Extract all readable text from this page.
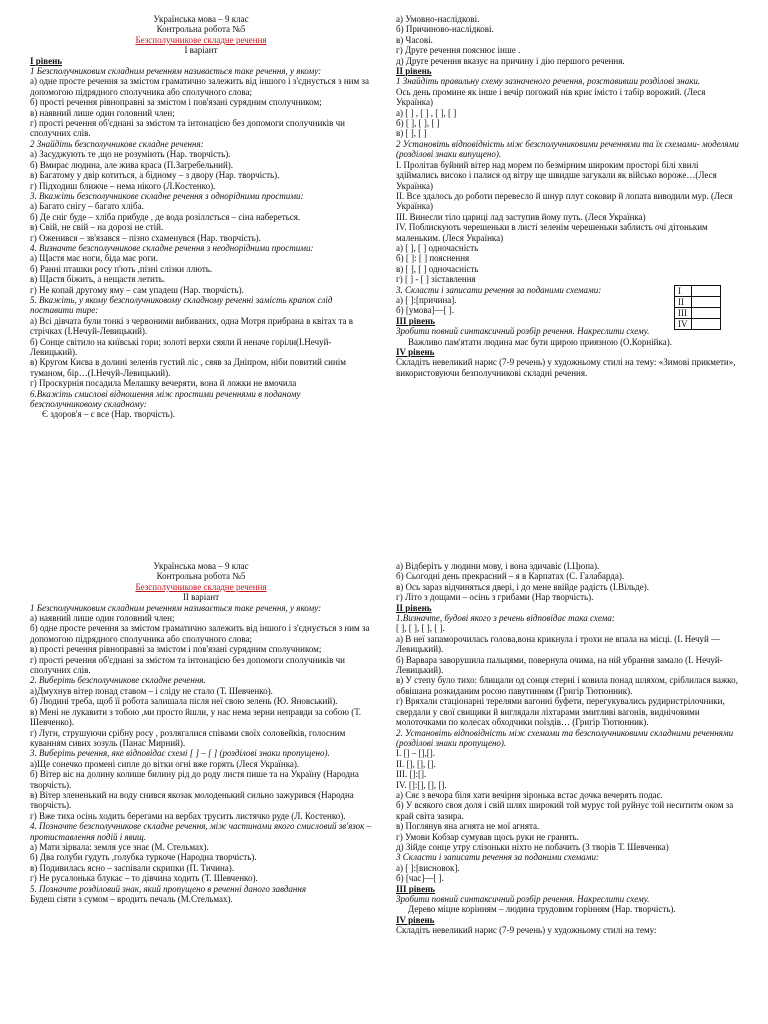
Українська мова – 9 клас
Контрольна робота №5
Безсполучникове складне речення
I варіант

I рівень

1 Безсполучниковим складним реченням називається таке речення, у якому:

а) одне просте речення за змістом граматично залежить від іншого і з'єднується з ним за допомогою підрядного сполучника або сполучного слова;

б) прості речення рівноправні за змістом і пов'язані сурядним сполучником;

в) наявний лише один головний член;

г) прості речення об'єднані за змістом та інтонацією без допомоги сполучників чи сполучних слів.

2 Знайдіть безсполучникове складне речення:

а) Засуджують те ,що не розуміють (Нар. творчість).

б) Вмирає людина, але жива краса (П.Загребельний).

в) Багатому у двір котиться, а бідному – з двору (Нар. творчість).

г) Підходиш ближче – нема нікого (Л.Костенко).

3. Вкажіть безсполучникове складне речення з однорідними простими:

а) Багато снігу – багато хліба.

б) Де сніг буде – хліба прибуде , де вода розіллється – сіна набереться.

в) Свій, не свій – на дорозі не стій.

г) Оженився – зв'язався – пізно схаменувся (Нар. творчість).

4. Визначте безсполучникове складне речення з неоднорідними простими:

а) Щастя має ноги, біда має роги.

б) Ранні пташки росу п'ють ,пізні слізки ллють.

в) Щастя біжить, а нещастя летить.

г) Не копай другому яму – сам упадеш (Нар. творчість).

5. Вкажіть, у якому безсполучниковому складному реченні замість крапок слід поставити тире:

а) Всі дівчата були тонкі з червоними вибиваних, одна Мотря прибрана в квітах та в стрічках (І.Нечуй-Левицький).

б) Сонце світило на київські гори; золоті верхи сяяли й неначе горіли(І.Нечуй-Левицький).

в) Кругом Києва в долині зеленів густий ліс , сяяв за Дніпром, ніби повитий синім туманом, бір…(І.Нечуй-Левицький).

г) Проскурнія посадила Мелашку вечеряти, вона й ложки не вмочила

6.Вкажіть смислові відношення між простими реченнями в поданому безсполучниковому складному:

Є здоров'я – є все (Нар. творчість).

а) Умовно-наслідкові.

б) Причиново-наслідкові.

в) Часові.

г) Друге речення пояснює інше .

д) Друге речення вказує на причину і дію першого речення.

II рівень

1 Знайдіть правильну схему зазначеного речення, розставивши розділові знаки.

Ось день промине як інше і вечір погожий нів криє імісто і табір ворожий. (Леся Українка)

а) [ ] , [ ] , [ ], [ ]

б) [ ], [ ], [ ]

в) [ ], [ ]

2 Установіть відповідність між безсполучниковими реченнями та їх схемами- моделями (розділові знаки випущено).

І. Пролітав буйний вітер над морем по безмірним широким просторі білі хвилі здіймались високо і палися од вітру ще швидше загукали як військо вороже…(Леся Українка)

ІІ. Все здалось до роботи перевесло й шнур плут соковир й лопата виводили мур. (Леся Українка)

ІІІ. Винесли тіло цариці лад заступив йому путь. (Леся Українка)

IV. Поблискують черешеньки в листі зеленім черешеньки заблисть очі дітоньким маленьким. (Леся Українка)

а) [ ], [ ] одночасність

б) [ ]: [ ] пояснення

в) [ ], [ ] одночасність

г) [ ] - [ ] зіставлення

3. Скласти і записати речення за поданими схемами:

а) [ ]:[причина].

б) [умова]—[ ].

III рівень

Зробити повний синтаксичний розбір речення. Накреслити схему.

Важливо пам'ятати людина має бути щирою приязною (О.Корнійка).

IV рівень

Складіть невеликий нарис (7-9 речень) у художньому стилі на тему: «Зимові прикмети», використовуючи безполучникові складні речення.

І	
ІІ	
ІІІ	
IV	
Українська мова – 9 клас
Контрольна робота №5
Безсполучникове складне речення
II варіант

1 Безсполучниковим складним реченням називається таке речення, у якому:

а) наявний лише один головний член;

б) одне просте речення за змістом граматично залежить від іншого і з'єднується з ним за допомогою підрядного сполучника або сполучного слова;

в) прості речення рівноправні за змістом і пов'язані сурядним сполучником;

г) прості речення об'єднані за змістом та інтонацією без допомоги сполучників чи сполучних слів.

2. Виберіть безсполучникове складне речення.

а)Дмухнув вітер понад ставом – і сліду не стало (Т. Шевченко).

б) Людині треба, щоб її робота залишала після неї свою зелень (Ю. Яновський).

в) Мені не лукавити з тобою ,ми просто йшли, у нас нема зерни неправди за собою (Т. Шевченко).

г) Лугн, струшуючи срібну росу , розлягалися співами своїх соловейків, голосним куванням сивих зозуль (Панас Мирний).

3. Виберіть речення, яке відповідає схемі [ ] – [ ] (розділові знаки пропущено).

а)Ще сонечко промені сипле до вітки огні вже горять (Леся Українка).

б) Вітер віє на долину колише билину рід до роду листя пише та на Україну (Народна творчість).

в) Вітер злененький на воду снився якозак молоденький сильно зажурився (Народна творчість).

г) Вже тиха осінь ходить берегами на вербах трусить листячко руде (Л. Костенко).

4. Позначте безсполучникове складне речення, між частинами якого смисловий зв'язок – протиставлення подій і явищ.

а) Мати зірвала: земля усе знає (М. Стельмах).

б) Два голуби гудуть ,голубка туркоче (Народна творчість).

в) Подивилась ясно – заспівали скрипки (П. Тичина).

г) Не русалонька блукає – то дівчина ходить (Т. Шевченко).

5. Позначте розділовий знак, який пропущено в реченні даного завдання

Будеш сіяти з сумом – вродить печаль (М.Стельмах).

а) Відберіть у людини мову, і вона здичавіє (І.Цюпа).

б) Сьогодні день прекрасний – я в Карпатах (С. Галабарда).

в) Ось зараз відчиняться двері, і до мене ввійде радість (І.Вільде).

г) Літо з дощами – осінь з грибами (Нар творчість).

II рівень

1.Визначте, будові якого з речень відповідає така схема:

[ ], [ ], [ ], [ ].

а) В неї запаморочилась голова,вона крикнула і трохи не впала на місці. (І. Нечуй — Левицький).

б) Варвара заворушила пальцями, повернула очима, на ній убрання замало (І. Нечуй-Левицький).

в) У степу було тихо: блищали од сонця стерні і ковила понад шляхом, сріблилася важко, обвішана розкиданим росою павутинням (Григір Тютюнник).

г) Вряхали стаціонарні терелями вагонні буфети, перегукувались рудиристрілочники, свердали у свої свищики й виглядали ліхтарами змитливі вагонів, виднічовими молоточками по колесах обходчики поїздів… (Григір Тютюнник).

2. Установіть відповідність між схемами та безсполучниковими складними реченнями (розділові знаки пропущено).

І. [] – [],[].

ІІ. [], [], [].

ІІІ. []:[].

IV. []:[], [], [].

а) Сяє з вечора біля хати вечірня зіронька встає дочка вечерять подає.

б) У всякого своя доля і свій шлях широкий той мурує той руйнує той несититм оком за край світа зазира.

в) Поглянув яна агнята не мої агнята.

г) Умови Кобзар сумував щось руки не гранять.

д) Зійде сонце утру слізоньки ніхто не побачить (З творів Т. Шевченка)

3 Скласти і записати речення за поданими схемами:

а) [ ]:[висновок].

б) [час]—[ ].

III рівень

Зробити повний синтаксичний розбір речення. Накреслити схему.

Дерево міцне корінням – людина трудовим горінням (Нар. творчість).

IV рівень

Складіть невеликий нарис (7-9 речень) у художньому стилі на тему:
